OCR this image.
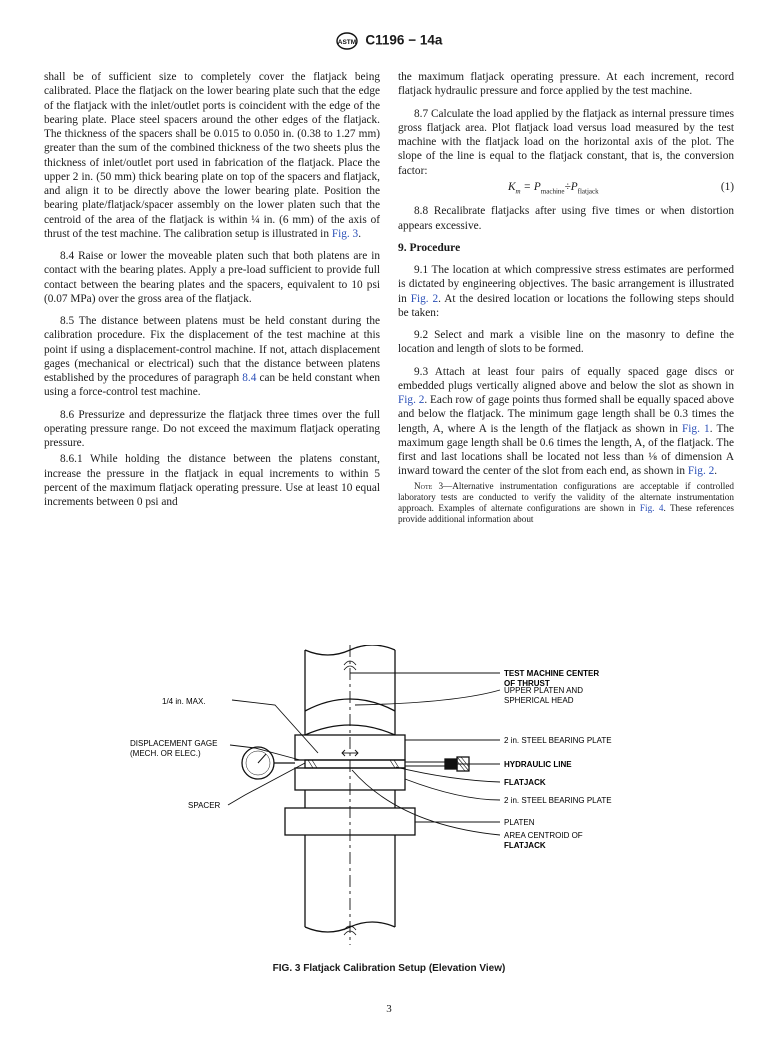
ASTM C1196 − 14a

shall be of sufficient size to completely cover the flatjack being calibrated. Place the flatjack on the lower bearing plate such that the edge of the flatjack with the inlet/outlet ports is coincident with the edge of the bearing plate. Place steel spacers around the other edges of the flatjack. The thickness of the spacers shall be 0.015 to 0.050 in. (0.38 to 1.27 mm) greater than the sum of the combined thickness of the two sheets plus the thickness of inlet/outlet port used in fabrication of the flatjack. Place the upper 2 in. (50 mm) thick bearing plate on top of the spacers and flatjack, and align it to be directly above the lower bearing plate. Position the bearing plate/flatjack/spacer assembly on the lower platen such that the centroid of the area of the flatjack is within ¼ in. (6 mm) of the axis of thrust of the test machine. The calibration setup is illustrated in Fig. 3.

8.4 Raise or lower the moveable platen such that both platens are in contact with the bearing plates. Apply a pre-load sufficient to provide full contact between the bearing plates and the spacers, equivalent to 10 psi (0.07 MPa) over the gross area of the flatjack.

8.5 The distance between platens must be held constant during the calibration procedure. Fix the displacement of the test machine at this point if using a displacement-control machine. If not, attach displacement gages (mechanical or electrical) such that the distance between platens established by the procedures of paragraph 8.4 can be held constant when using a force-control test machine.

8.6 Pressurize and depressurize the flatjack three times over the full operating pressure range. Do not exceed the maximum flatjack operating pressure.

8.6.1 While holding the distance between the platens constant, increase the pressure in the flatjack in equal increments to within 5 percent of the maximum flatjack operating pressure. Use at least 10 equal increments between 0 psi and

the maximum flatjack operating pressure. At each increment, record flatjack hydraulic pressure and force applied by the test machine.

8.7 Calculate the load applied by the flatjack as internal pressure times gross flatjack area. Plot flatjack load versus load measured by the test machine with the flatjack load on the horizontal axis of the plot. The slope of the line is equal to the flatjack constant, that is, the conversion factor:

$K_m = P_{machine}\div P_{flatjack}$	(1)

8.8 Recalibrate flatjacks after using five times or when distortion appears excessive.

9. Procedure

9.1 The location at which compressive stress estimates are performed is dictated by engineering objectives. The basic arrangement is illustrated in Fig. 2. At the desired location or locations the following steps should be taken:

9.2 Select and mark a visible line on the masonry to define the location and length of slots to be formed.

9.3 Attach at least four pairs of equally spaced gage discs or embedded plugs vertically aligned above and below the slot as shown in Fig. 2. Each row of gage points thus formed shall be equally spaced above and below the flatjack. The minimum gage length shall be 0.3 times the length, A, where A is the length of the flatjack as shown in Fig. 1. The maximum gage length shall be 0.6 times the length, A, of the flatjack. The first and last locations shall be located not less than ⅛ of dimension A inward toward the center of the slot from each end, as shown in Fig. 2.

Note 3—Alternative instrumentation configurations are acceptable if controlled laboratory tests are conducted to verify the validity of the alternate instrumentation approach. Examples of alternate configurations are shown in Fig. 4. These references provide additional information about

TEST MACHINE CENTER
OF THRUST
UPPER PLATEN AND
SPHERICAL HEAD
1/4 in. MAX.
2 in. STEEL BEARING PLATE
DISPLACEMENT GAGE
(MECH. OR ELEC.)
HYDRAULIC LINE
FLATJACK
SPACER
2 in. STEEL BEARING PLATE
PLATEN
AREA CENTROID OF
FLATJACK
FIG. 3 Flatjack Calibration Setup (Elevation View)
3
